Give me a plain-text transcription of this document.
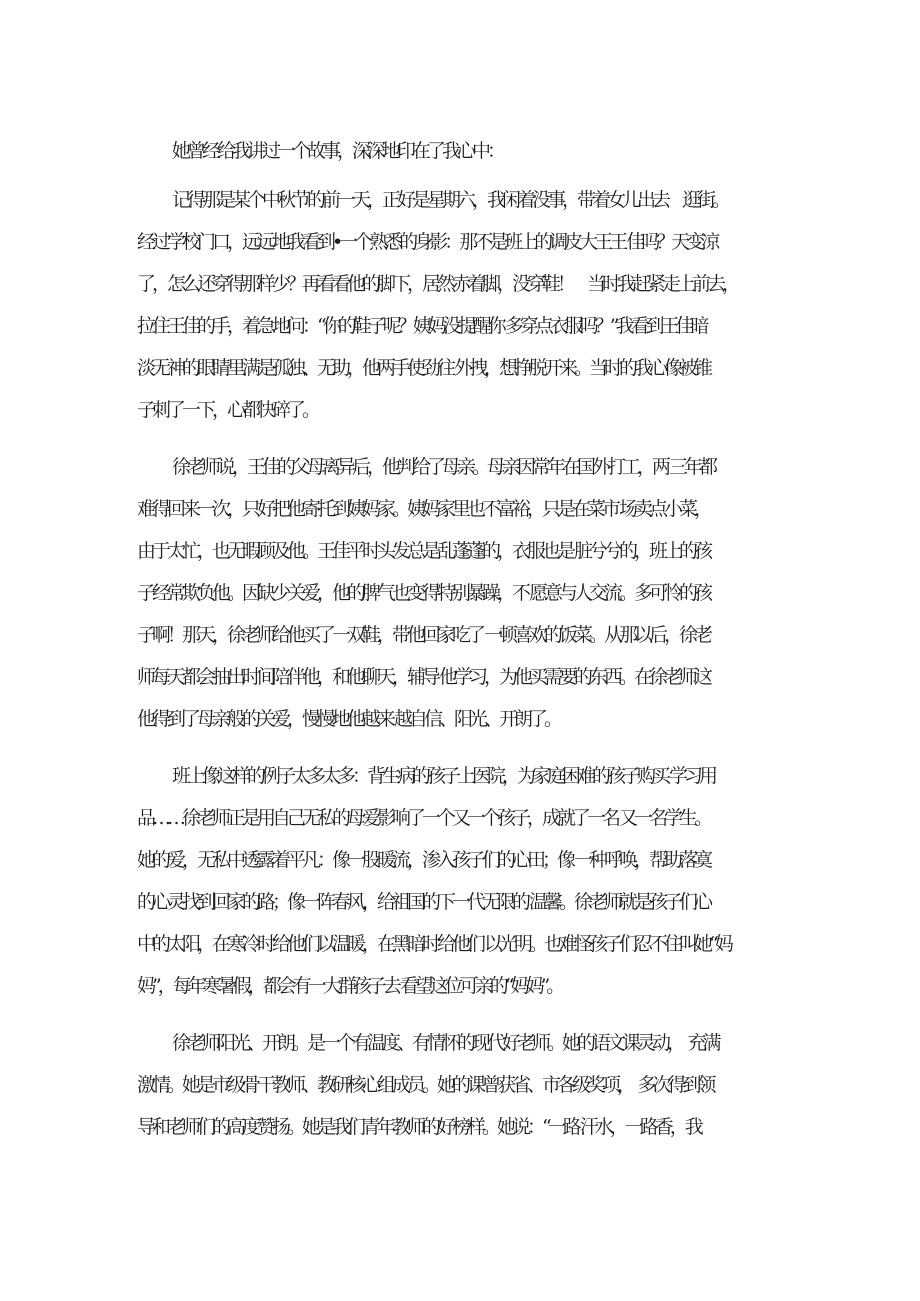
她曾经给我讲过一个故事，深深地印在了我心中：

记得那是某个中秋节的前一天，正好是星期六，我闲着没事，带着女儿出去　逛街。

经过学校门口，远远地我看到•一个熟悉的身影：那不是班上的调皮大王王 佳吗？天变凉

了，怎么还穿得那样少？再看看他的脚下，居然赤着脚，没穿鞋！　当时我赶紧走上前去，

拉住王佳的手，着急地问：“你的鞋子呢？姨妈没提醒你 多穿点衣服吗？”我看到王佳暗

淡无神的眼睛里满是孤独、无助，他两手使劲往 外拽，想挣脱开来。当时的我心像被锥

子刺了一下，心都快碎了。

徐老师说，王佳的父母离异后，他判给了母亲。母亲因常年在国外打工，两 三年都

难得回来一次，只好把他寄托到姨妈家。姨妈家里也不富裕，只是在菜市 场卖点小菜，

由于太忙，也无暇顾及他。王佳平时头发总是乱蓬蓬的，衣服也是 脏兮兮的，班上的孩

子经常欺负他。因缺少关爱，他的脾气也变得特别暴躁，不 愿意与人交流。多可怜的孩

子啊！那天，徐老师给他买了一双鞋，带他回家吃了 一顿喜欢的饭菜。从那以后，徐老

师每天都会抽出时间陪伴他，和他聊天，辅导 他学习，为他买需要的东西。在徐老师这

他得到了母亲般的关爱，慢慢地他越来 越自信、阳光、开朗了。

班上像这样的例子太多太多：背生病的孩子上医院，为家庭困难的孩子购买 学习用

品……徐老师正是用自己无私的母爱影响了一个又一个孩子，成就了一名 又一名学生。

她的爱，无私中透露着平凡：像一股暖流，渗入孩子们的心田；像 一种呼唤，帮助落寞

的心灵找到回家的路；像一阵春风，给祖国的下一代无限的 温馨。徐老师就是孩子们心

中的太阳，在寒冷时给他们以温暖，在黑暗时给他们 以光明。也难怪孩子们忍不住叫她“妈

妈”，每年寒暑假，都会有一大群孩子去 看望这位可亲的“妈妈”。

徐老师阳光、开朗。是一个有温度、有情怀的现代好老师。她的语文课灵动，　充满

激情。她是市级骨干教师、教研核心组成员。她的课曾获省、市各级奖项，　多次得到领

导和老师们的高度赞扬。她是我们青年教师的好榜样。她说：“一路 汗水，一路香，我
